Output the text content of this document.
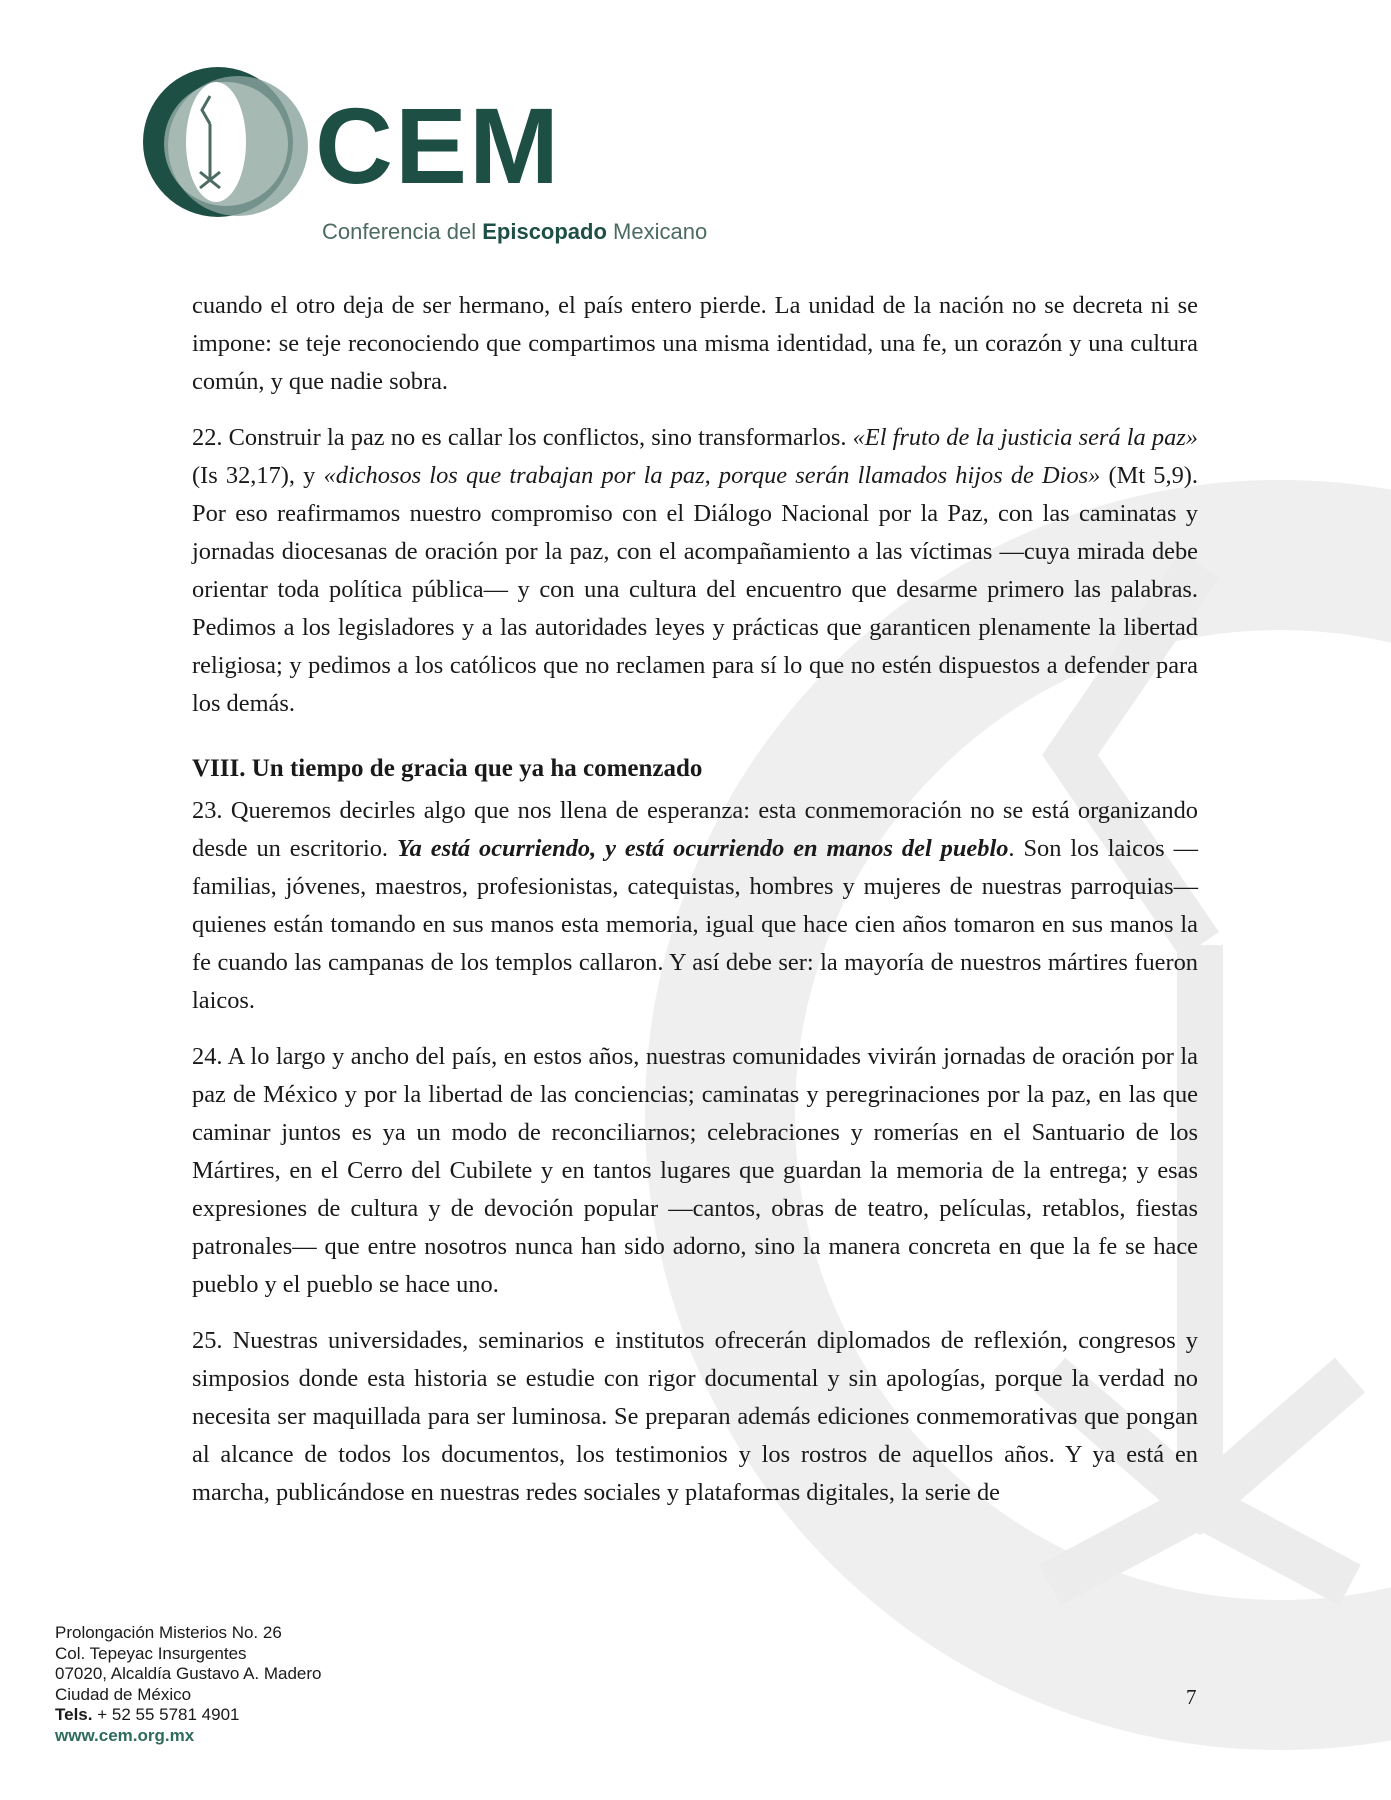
CEM
Conferencia del Episcopado Mexicano

cuando el otro deja de ser hermano, el país entero pierde. La unidad de la nación no se decreta ni se impone: se teje reconociendo que compartimos una misma identidad, una fe, un corazón y una cultura común, y que nadie sobra.

22. Construir la paz no es callar los conflictos, sino transformarlos. «El fruto de la justicia será la paz» (Is 32,17), y «dichosos los que trabajan por la paz, porque serán llamados hijos de Dios» (Mt 5,9). Por eso reafirmamos nuestro compromiso con el Diálogo Nacional por la Paz, con las caminatas y jornadas diocesanas de oración por la paz, con el acompañamiento a las víctimas —cuya mirada debe orientar toda política pública— y con una cultura del encuentro que desarme primero las palabras. Pedimos a los legisladores y a las autoridades leyes y prácticas que garanticen plenamente la libertad religiosa; y pedimos a los católicos que no reclamen para sí lo que no estén dispuestos a defender para los demás.

VIII. Un tiempo de gracia que ya ha comenzado

23. Queremos decirles algo que nos llena de esperanza: esta conmemoración no se está organizando desde un escritorio. Ya está ocurriendo, y está ocurriendo en manos del pueblo. Son los laicos —familias, jóvenes, maestros, profesionistas, catequistas, hombres y mujeres de nuestras parroquias— quienes están tomando en sus manos esta memoria, igual que hace cien años tomaron en sus manos la fe cuando las campanas de los templos callaron. Y así debe ser: la mayoría de nuestros mártires fueron laicos.

24. A lo largo y ancho del país, en estos años, nuestras comunidades vivirán jornadas de oración por la paz de México y por la libertad de las conciencias; caminatas y peregrinaciones por la paz, en las que caminar juntos es ya un modo de reconciliarnos; celebraciones y romerías en el Santuario de los Mártires, en el Cerro del Cubilete y en tantos lugares que guardan la memoria de la entrega; y esas expresiones de cultura y de devoción popular —cantos, obras de teatro, películas, retablos, fiestas patronales— que entre nosotros nunca han sido adorno, sino la manera concreta en que la fe se hace pueblo y el pueblo se hace uno.

25. Nuestras universidades, seminarios e institutos ofrecerán diplomados de reflexión, congresos y simposios donde esta historia se estudie con rigor documental y sin apologías, porque la verdad no necesita ser maquillada para ser luminosa. Se preparan además ediciones conmemorativas que pongan al alcance de todos los documentos, los testimonios y los rostros de aquellos años. Y ya está en marcha, publicándose en nuestras redes sociales y plataformas digitales, la serie de

Prolongación Misterios No. 26
Col. Tepeyac Insurgentes
07020, Alcaldía Gustavo A. Madero
Ciudad de México
Tels. + 52 55 5781 4901
www.cem.org.mx
7
